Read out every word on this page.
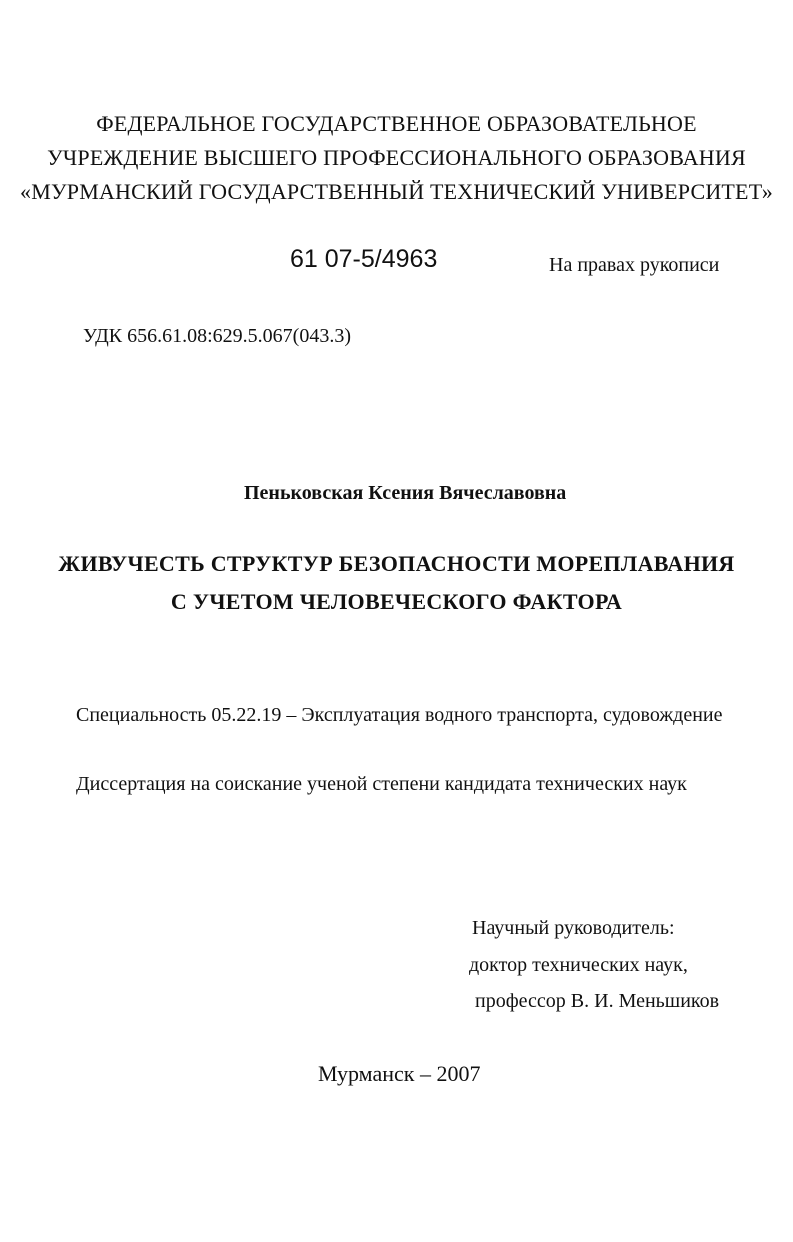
ФЕДЕРАЛЬНОЕ ГОСУДАРСТВЕННОЕ ОБРАЗОВАТЕЛЬНОЕ
УЧРЕЖДЕНИЕ ВЫСШЕГО ПРОФЕССИОНАЛЬНОГО ОБРАЗОВАНИЯ
«МУРМАНСКИЙ ГОСУДАРСТВЕННЫЙ ТЕХНИЧЕСКИЙ УНИВЕРСИТЕТ»
61 07-5/4963	На правах рукописи
УДК 656.61.08:629.5.067(043.3)
Пеньковская Ксения Вячеславовна
ЖИВУЧЕСТЬ СТРУКТУР БЕЗОПАСНОСТИ МОРЕПЛАВАНИЯ
С УЧЕТОМ ЧЕЛОВЕЧЕСКОГО ФАКТОРА
Специальность 05.22.19 – Эксплуатация водного транспорта, судовождение
Диссертация на соискание ученой степени кандидата технических наук
Научный руководитель:
доктор технических наук,
профессор В. И. Меньшиков
Мурманск – 2007
